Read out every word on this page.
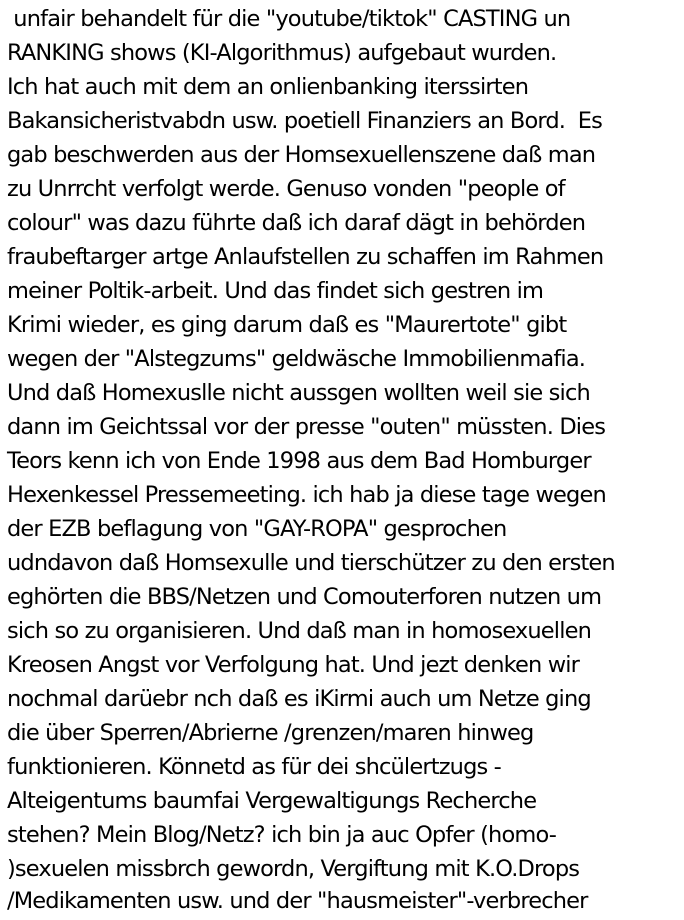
unfair behandelt für die "youtube/tiktok" CASTING un
RANKING shows (KI-Algorithmus) aufgebaut wurden.
Ich hat auch mit dem an onlienbanking iterssirten
Bakansicheristvabdn usw. poetiell Finanziers an Bord.  Es
gab beschwerden aus der Homsexuellenszene daß man
zu Unrrcht verfolgt werde. Genuso vonden "people of
colour" was dazu führte daß ich daraf dägt in behörden
fraubeftarger artge Anlaufstellen zu schaffen im Rahmen
meiner Poltik-arbeit. Und das findet sich gestren im
Krimi wieder, es ging darum daß es "Maurertote" gibt
wegen der "Alstegzums" geldwäsche Immobilienmafia.
Und daß Homexuslle nicht aussgen wollten weil sie sich
dann im Geichtssal vor der presse "outen" müssten. Dies
Teors kenn ich von Ende 1998 aus dem Bad Homburger
Hexenkessel Pressemeeting. ich hab ja diese tage wegen
der EZB beflagung von "GAY-ROPA" gesprochen
udndavon daß Homsexulle und tierschützer zu den ersten
eghörten die BBS/Netzen und Comouterforen nutzen um
sich so zu organisieren. Und daß man in homosexuellen
Kreosen Angst vor Verfolgung hat. Und jezt denken wir
nochmal darüebr nch daß es iKirmi auch um Netze ging
die über Sperren/Abrierne /grenzen/maren hinweg
funktionieren. Könnetd as für dei shcülertzugs -
Alteigentums baumfai Vergewaltigungs Recherche
stehen? Mein Blog/Netz? ich bin ja auc Opfer (homo-
)sexuelen missbrch gewordn, Vergiftung mit K.O.Drops
/Medikamenten usw. und der "hausmeister"-verbrecher
